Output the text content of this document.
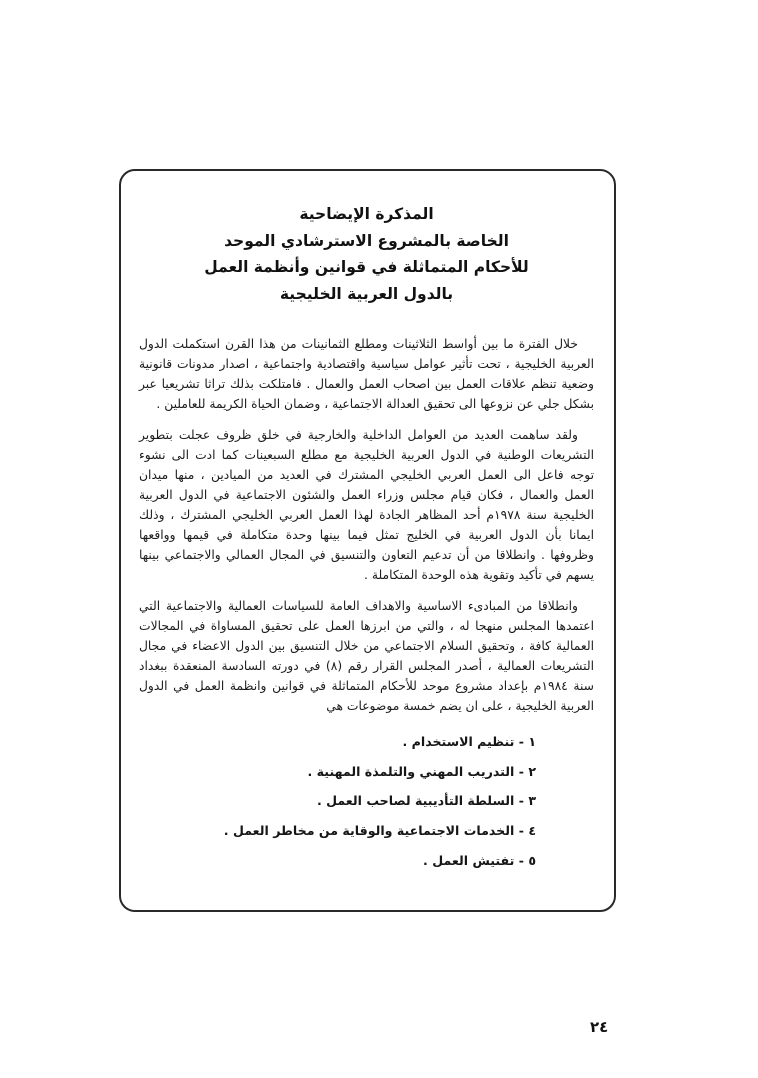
المذكرة الإيضاحية
الخاصة بالمشروع الاسترشادي الموحد
للأحكام المتماثلة في قوانين وأنظمة العمل
بالدول العربية الخليجية

خلال الفترة ما بين أواسط الثلاثينات ومطلع الثمانينات من هذا القرن استكملت الدول العربية الخليجية ، تحت تأثير عوامل سياسية واقتصادية واجتماعية ، اصدار مدونات قانونية وضعية تنظم علاقات العمل بين اصحاب العمل والعمال . فامتلكت بذلك تراثا تشريعيا عبر بشكل جلي عن نزوعها الى تحقيق العدالة الاجتماعية ، وضمان الحياة الكريمة للعاملين .

ولقد ساهمت العديد من العوامل الداخلية والخارجية في خلق ظروف عجلت بتطوير التشريعات الوطنية في الدول العربية الخليجية مع مطلع السبعينات كما ادت الى نشوء توجه فاعل الى العمل العربي الخليجي المشترك في العديد من الميادين ، منها ميدان العمل والعمال ، فكان قيام مجلس وزراء العمل والشئون الاجتماعية في الدول العربية الخليجية سنة ١٩٧٨م أحد المظاهر الجادة لهذا العمل العربي الخليجي المشترك ، وذلك ايمانا بأن الدول العربية في الخليج تمثل فيما بينها وحدة متكاملة في قيمها وواقعها وظروفها . وانطلاقا من أن تدعيم التعاون والتنسيق في المجال العمالي والاجتماعي بينها يسهم في تأكيد وتقوية هذه الوحدة المتكاملة .

وانطلاقا من المبادىء الاساسية والاهداف العامة للسياسات العمالية والاجتماعية التي اعتمدها المجلس منهجا له ، والتي من ابرزها العمل على تحقيق المساواة في المجالات العمالية كافة ، وتحقيق السلام الاجتماعي من خلال التنسيق بين الدول الاعضاء في مجال التشريعات العمالية ، أصدر المجلس القرار رقم (٨) في دورته السادسة المنعقدة ببغداد سنة ١٩٨٤م بإعداد مشروع موحد للأحكام المتماثلة في قوانين وانظمة العمل في الدول العربية الخليجية ، على ان يضم خمسة موضوعات هي

١ - تنظيم الاستخدام .
٢ - التدريب المهني والتلمذة المهنية .
٣ - السلطة التأديبية لصاحب العمل .
٤ - الخدمات الاجتماعية والوقاية من مخاطر العمل .
٥ - تفتيش العمل .
٢٤
